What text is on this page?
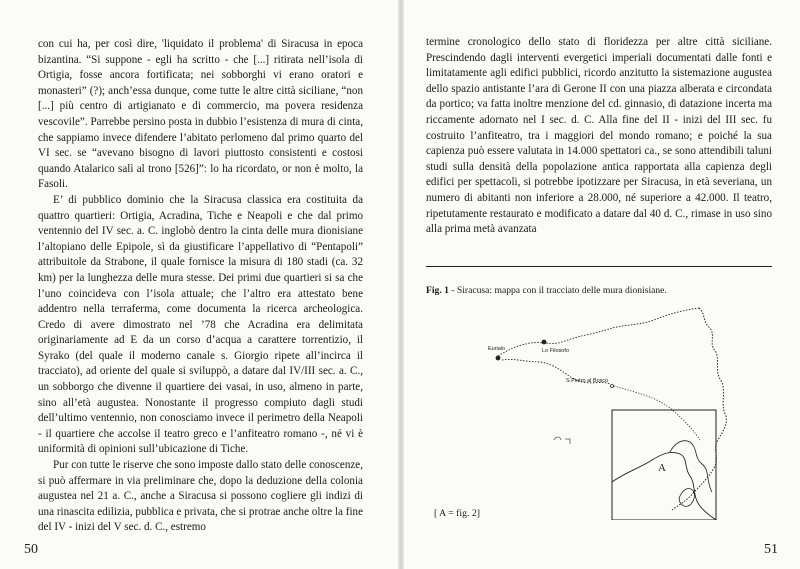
con cui ha, per così dire, 'liquidato il problema' di Siracusa in epoca bizantina. “Si suppone - egli ha scritto - che [...] ritirata nell’isola di Ortigia, fosse ancora fortificata; nei sobborghi vi erano oratori e monasteri” (?); anch’essa dunque, come tutte le altre città siciliane, “non [...] più centro di artigianato e di commercio, ma povera residenza vescovile”. Parrebbe persino posta in dubbio l’esistenza di mura di cinta, che sappiamo invece difendere l’abitato perlomeno dal primo quarto del VI sec. se “avevano bisogno di lavori piuttosto consistenti e costosi quando Atalarico salì al trono [526]”: lo ha ricordato, or non è molto, la Fasoli.

E’ di pubblico dominio che la Siracusa classica era costituita da quattro quartieri: Ortigia, Acradina, Tiche e Neapoli e che dal primo ventennio del IV sec. a. C. inglobò dentro la cinta delle mura dionisiane l’altopiano delle Epipole, sì da giustificare l’appellativo di “Pentapoli” attribuitole da Strabone, il quale fornisce la misura di 180 stadi (ca. 32 km) per la lunghezza delle mura stesse. Dei primi due quartieri si sa che l’uno coincideva con l’isola attuale; che l’altro era attestato bene addentro nella terraferma, come documenta la ricerca archeologica. Credo di avere dimostrato nel ’78 che Acradina era delimitata originariamente ad E da un corso d’acqua a carattere torrentizio, il Syrako (del quale il moderno canale s. Giorgio ripete all’incirca il tracciato), ad oriente del quale si sviluppò, a datare dal IV/III sec. a. C., un sobborgo che divenne il quartiere dei vasai, in uso, almeno in parte, sino all’età augustea. Nonostante il progresso compiuto dagli studi dell’ultimo ventennio, non conosciamo invece il perimetro della Neapoli - il quartiere che accolse il teatro greco e l’anfiteatro romano -, né vi è uniformità di opinioni sull’ubicazione di Tiche.

Pur con tutte le riserve che sono imposte dallo stato delle conoscenze, si può affermare in via preliminare che, dopo la deduzione della colonia augustea nel 21 a. C., anche a Siracusa si possono cogliere gli indizi di una rinascita edilizia, pubblica e privata, che si protrae anche oltre la fine del IV - inizi del V sec. d. C., estremo

50

termine cronologico dello stato di floridezza per altre città siciliane. Prescindendo dagli interventi evergetici imperiali documentati dalle fonti e limitatamente agli edifici pubblici, ricordo anzitutto la sistemazione augustea dello spazio antistante l’ara di Gerone II con una piazza alberata e circondata da portico; va fatta inoltre menzione del cd. ginnasio, di datazione incerta ma riccamente adornato nel I sec. d. C. Alla fine del II - inizi del III sec. fu costruito l’anfiteatro, tra i maggiori del mondo romano; e poiché la sua capienza può essere valutata in 14.000 spettatori ca., se sono attendibili taluni studi sulla densità della popolazione antica rapportata alla capienza degli edifici per spettacoli, si potrebbe ipotizzare per Siracusa, in età severiana, un numero di abitanti non inferiore a 28.000, né superiore a 42.000. Il teatro, ripetutamente restaurato e modificato a datare dal 40 d. C., rimase in uso sino alla prima metà avanzata

Fig. 1 - Siracusa: mappa con il tracciato delle mura dionisiane.
Eurialo	Lo Filosofo
S.Pietro al Bosco
A
[ A = fig. 2]
51
